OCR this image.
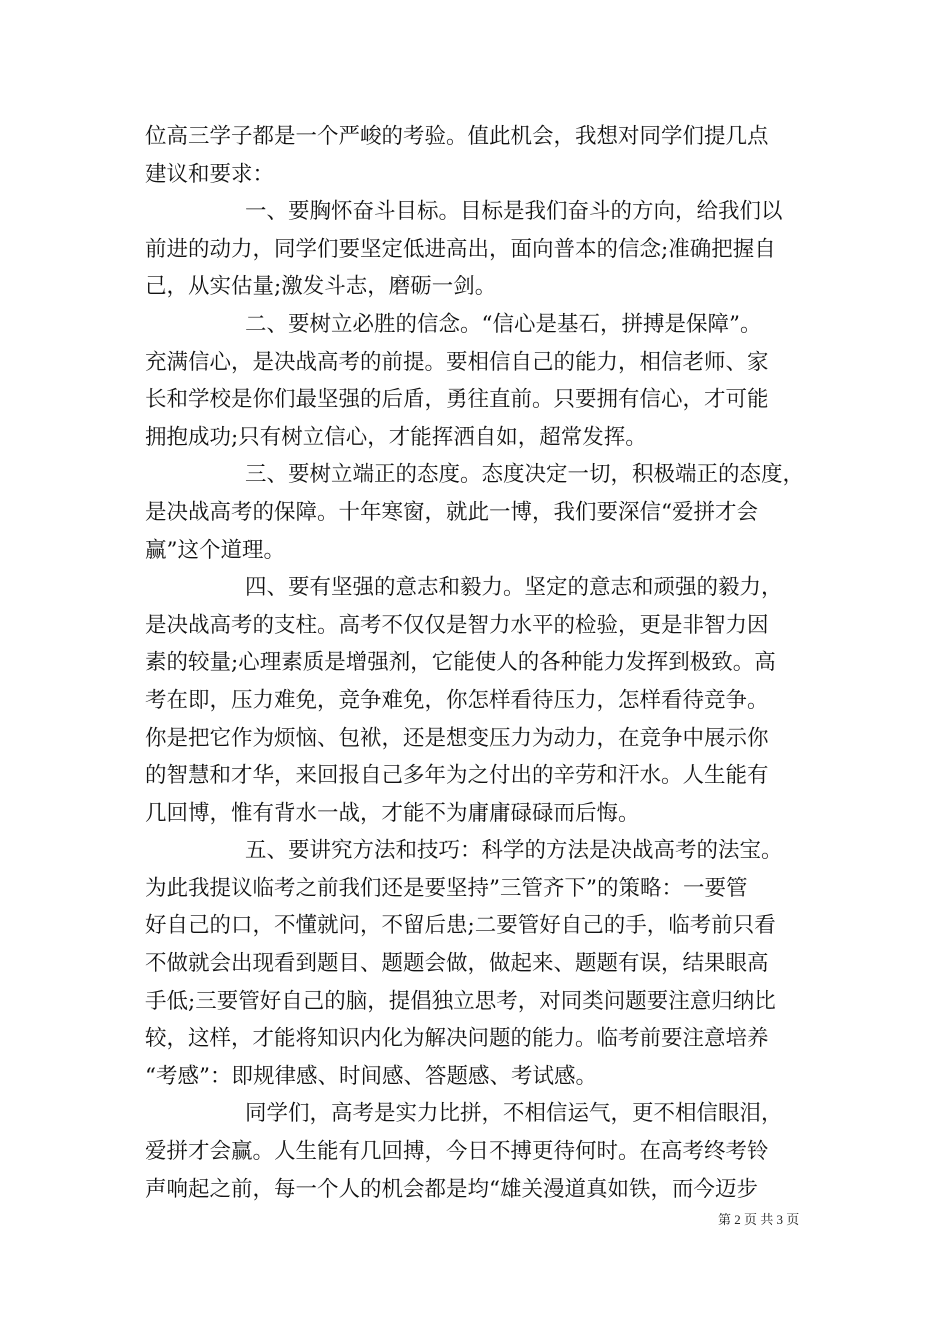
位高三学子都是一个严峻的考验。值此机会，我想对同学们提几点
建议和要求：
一、要胸怀奋斗目标。目标是我们奋斗的方向，给我们以
前进的动力，同学们要坚定低进高出，面向普本的信念;准确把握自
己，从实估量;激发斗志，磨砺一剑。
二、要树立必胜的信念。“信心是基石，拼搏是保障”。
充满信心，是决战高考的前提。要相信自己的能力，相信老师、家
长和学校是你们最坚强的后盾，勇往直前。只要拥有信心，才可能
拥抱成功;只有树立信心，才能挥洒自如，超常发挥。
三、要树立端正的态度。态度决定一切，积极端正的态度，
是决战高考的保障。十年寒窗，就此一博，我们要深信“爱拼才会
赢”这个道理。
四、要有坚强的意志和毅力。坚定的意志和顽强的毅力，
是决战高考的支柱。高考不仅仅是智力水平的检验，更是非智力因
素的较量;心理素质是增强剂，它能使人的各种能力发挥到极致。高
考在即，压力难免，竞争难免，你怎样看待压力，怎样看待竞争。
你是把它作为烦恼、包袱，还是想变压力为动力，在竞争中展示你
的智慧和才华，来回报自己多年为之付出的辛劳和汗水。人生能有
几回博，惟有背水一战，才能不为庸庸碌碌而后悔。
五、要讲究方法和技巧：科学的方法是决战高考的法宝。
为此我提议临考之前我们还是要坚持”三管齐下”的策略：一要管
好自己的口，不懂就问，不留后患;二要管好自己的手，临考前只看
不做就会出现看到题目、题题会做，做起来、题题有误，结果眼高
手低;三要管好自己的脑，提倡独立思考，对同类问题要注意归纳比
较，这样，才能将知识内化为解决问题的能力。临考前要注意培养
“考感”：即规律感、时间感、答题感、考试感。
同学们，高考是实力比拼，不相信运气，更不相信眼泪，
爱拼才会赢。人生能有几回搏，今日不搏更待何时。在高考终考铃
声响起之前，每一个人的机会都是均“雄关漫道真如铁，而今迈步
第 2 页 共 3 页
